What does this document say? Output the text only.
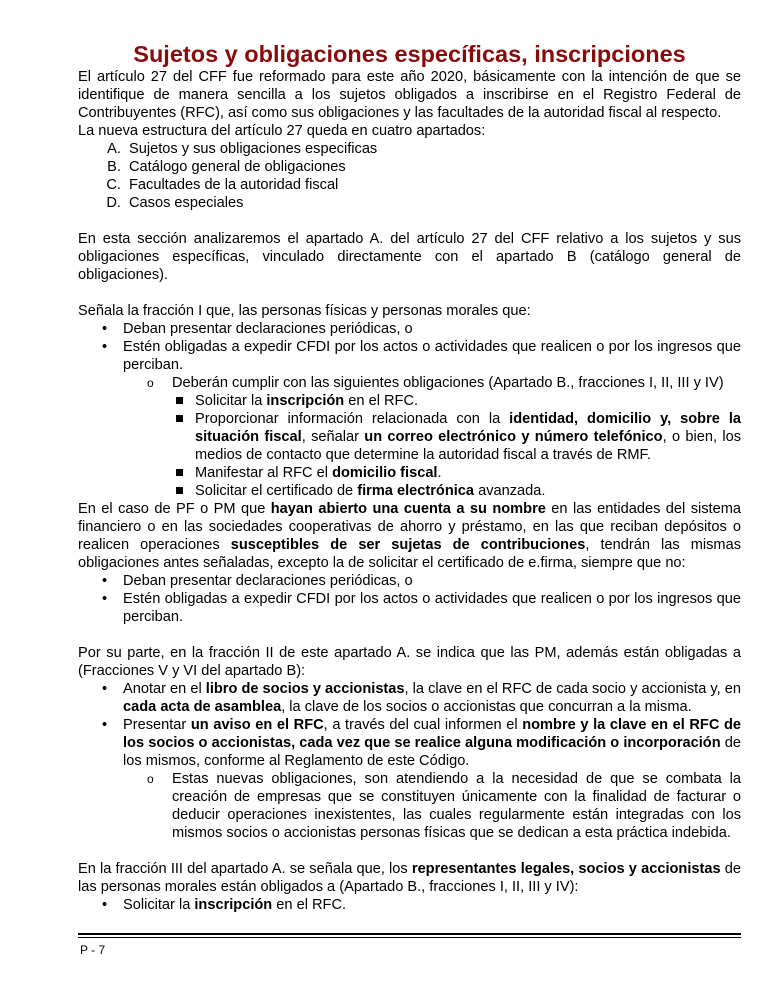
Sujetos y obligaciones específicas, inscripciones

El artículo 27 del CFF fue reformado para este año 2020, básicamente con la intención de que se identifique de manera sencilla a los sujetos obligados a inscribirse en el Registro Federal de Contribuyentes (RFC), así como sus obligaciones y las facultades de la autoridad fiscal al respecto.

La nueva estructura del artículo 27 queda en cuatro apartados:

A. Sujetos y sus obligaciones especificas
B. Catálogo general de obligaciones
C. Facultades de la autoridad fiscal
D. Casos especiales

En esta sección analizaremos el apartado A. del artículo 27 del CFF relativo a los sujetos y sus obligaciones específicas, vinculado directamente con el apartado B (catálogo general de obligaciones).

Señala la fracción I que, las personas físicas y personas morales que:

• Deban presentar declaraciones periódicas, o
• Estén obligadas a expedir CFDI por los actos o actividades que realicen o por los ingresos que perciban.
o Deberán cumplir con las siguientes obligaciones (Apartado B., fracciones I, II, III y IV)
Solicitar la inscripción en el RFC.
Proporcionar información relacionada con la identidad, domicilio y, sobre la situación fiscal, señalar un correo electrónico y número telefónico, o bien, los medios de contacto que determine la autoridad fiscal a través de RMF.
Manifestar al RFC el domicilio fiscal.
Solicitar el certificado de firma electrónica avanzada.

En el caso de PF o PM que hayan abierto una cuenta a su nombre en las entidades del sistema financiero o en las sociedades cooperativas de ahorro y préstamo, en las que reciban depósitos o realicen operaciones susceptibles de ser sujetas de contribuciones, tendrán las mismas obligaciones antes señaladas, excepto la de solicitar el certificado de e.firma, siempre que no:

• Deban presentar declaraciones periódicas, o
• Estén obligadas a expedir CFDI por los actos o actividades que realicen o por los ingresos que perciban.

Por su parte, en la fracción II de este apartado A. se indica que las PM, además están obligadas a (Fracciones V y VI del apartado B):

• Anotar en el libro de socios y accionistas, la clave en el RFC de cada socio y accionista y, en cada acta de asamblea, la clave de los socios o accionistas que concurran a la misma.
• Presentar un aviso en el RFC, a través del cual informen el nombre y la clave en el RFC de los socios o accionistas, cada vez que se realice alguna modificación o incorporación de los mismos, conforme al Reglamento de este Código.
o Estas nuevas obligaciones, son atendiendo a la necesidad de que se combata la creación de empresas que se constituyen únicamente con la finalidad de facturar o deducir operaciones inexistentes, las cuales regularmente están integradas con los mismos socios o accionistas personas físicas que se dedican a esta práctica indebida.

En la fracción III del apartado A. se señala que, los representantes legales, socios y accionistas de las personas morales están obligados a (Apartado B., fracciones I, II, III y IV):

• Solicitar la inscripción en el RFC.
P - 7
